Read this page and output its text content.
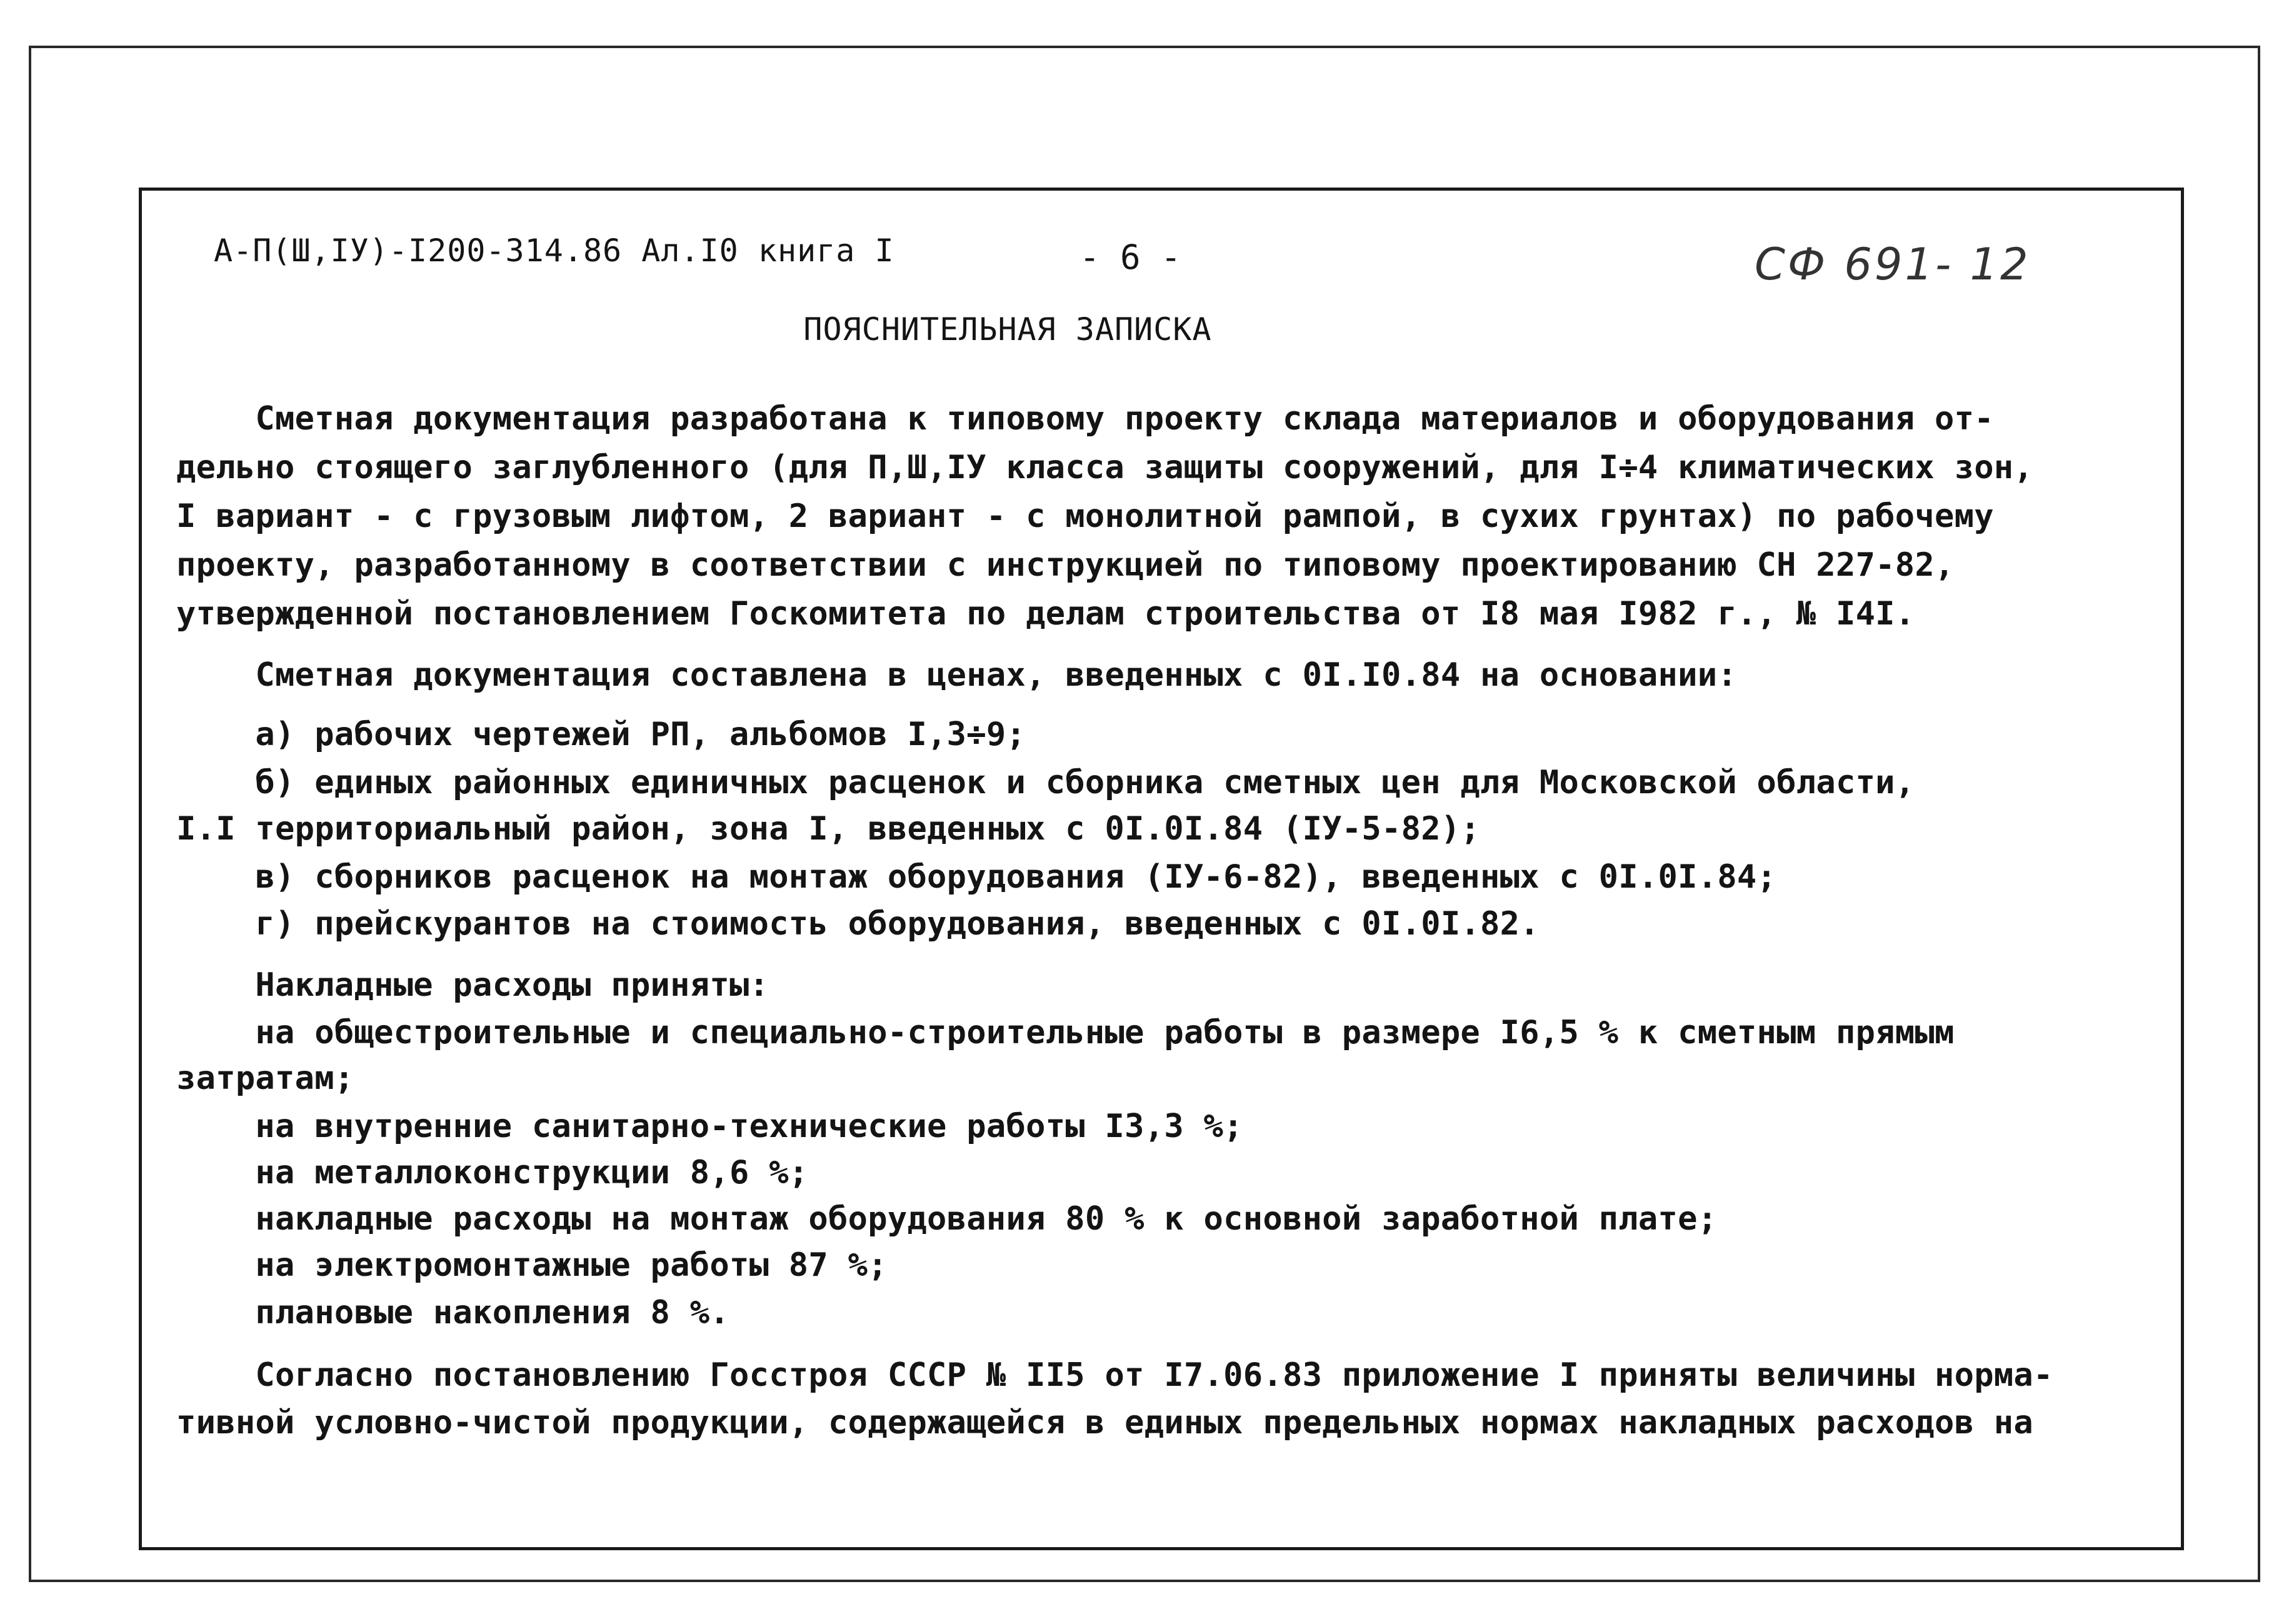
А-П(Ш,IУ)-I200-314.86 Ал.I0 книга I	- 6 -	СФ 691- 12
ПОЯСНИТЕЛЬНАЯ ЗАПИСКА
Сметная документация разработана к типовому проекту склада материалов и оборудования от-
дельно стоящего заглубленного (для П,Ш,IУ класса защиты сооружений, для I÷4 климатических зон,
I вариант - с грузовым лифтом, 2 вариант - с монолитной рампой, в сухих грунтах) по рабочему
проекту, разработанному в соответствии с инструкцией по типовому проектированию СН 227-82,
утвержденной постановлением Госкомитета по делам строительства от I8 мая I982 г., № I4I.
Сметная документация составлена в ценах, введенных с 0I.I0.84 на основании:
а) рабочих чертежей РП, альбомов I,3÷9;
б) единых районных единичных расценок и сборника сметных цен для Московской области,
I.I территориальный район, зона I, введенных с 0I.0I.84 (IУ-5-82);
в) сборников расценок на монтаж оборудования (IУ-6-82), введенных с 0I.0I.84;
г) прейскурантов на стоимость оборудования, введенных с 0I.0I.82.
Накладные расходы приняты:
на общестроительные и специально-строительные работы в размере I6,5 % к сметным прямым
затратам;
на внутренние санитарно-технические работы I3,3 %;
на металлоконструкции 8,6 %;
накладные расходы на монтаж оборудования 80 % к основной заработной плате;
на электромонтажные работы 87 %;
плановые накопления 8 %.
Согласно постановлению Госстроя СССР № II5 от I7.06.83 приложение I приняты величины норма-
тивной условно-чистой продукции, содержащейся в единых предельных нормах накладных расходов на
